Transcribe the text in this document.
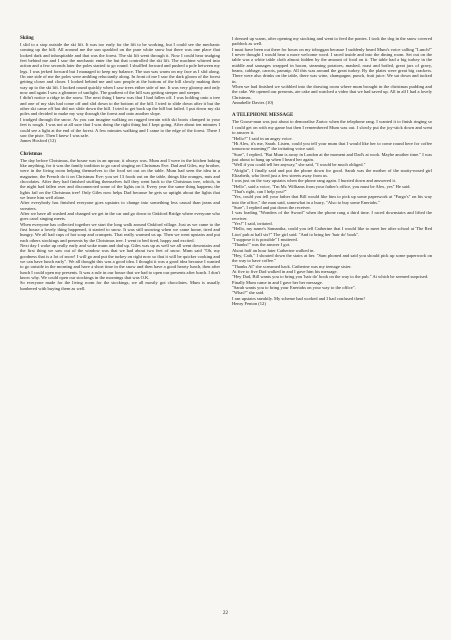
Skiing

I slid to a stop outside the ski lift. It was too early for the lift to be working, but I could see the mechanic coming up the hill. All around me the sun sparkled on the pure white snow but there was one place that looked dark and inhospitable and that was the forest. The ski lift went through it. Now I could hear trudging feet behind me and I saw the mechanic enter the hut that controlled the ski lift. The machine whirred into action and a few seconds later the poles started to go round. I shuffled forward and pushed a pole between my legs. I was jerked forward but I managed to keep my balance. The sun was warm on my face as I slid along. On one side of me the poles were ambling reluctantly along. In front of me I saw the dark gloom of the forest getting closer and closer. I looked behind me and saw people at the bottom of the hill slowly making their way up to the ski lift. I looked round quickly when I saw trees either side of me. It was very gloomy and only now and again I saw a glimmer of sunlight. The gradient of the hill was getting steeper and steeper.

I didn't notice a ridge in the snow. The next thing I knew was that I had fallen off. I was holding onto a tree and one of my skis had come off and slid down to the bottom of the hill. I tried to slide down after it but the other ski came off but did not slide down the hill. I tried to get back up the hill but failed. I put down my ski poles and decided to make my way through the forest and onto another slope.

I trudged through the snow. As you can imagine walking on rugged terrain with ski boots clamped to your feet is rough. I was not at all sure that I was doing the right thing but I kept going. After about ten minutes I could see a light at the end of the forest. A few minutes walking and I came to the edge of the forest. There I saw the piste. Then I knew I was safe.

James Hosford (12)

Christmas

The day before Christmas, the house was in an uproar, it always was. Mum and I were in the kitchen baking like anything, for it was the family tradition to go carol singing on Christmas Eve. Dad and Giles, my brother, were in the living room helping themselves to the food set out on the table. Mum had seen the idea in a magazine, the French do it on Christmas Eve: you set 13 foods out on the table, things like oranges, nuts and chocolates. After they had finished stuffing themselves full they went back to the Christmas tree, which, in the night had fallen over and disconnected some of the lights on it. Every year the same thing happens; the lights fail on the Christmas tree! Only Giles now helps Dad because he gets so uptight about the lights that we leave him well alone.

After everybody has finished everyone goes upstairs to change into something less casual than jeans and sweaters.

After we have all washed and changed we get in the car and go down to Oakford Bridge where everyone who goes carol singing meets.

When everyone has collected together we start the long walk around Oakford village. Just as we came to the first house a lovely thing happened, it started to snow. It was still snowing when we came home, tired and hungry. We all had cups of hot soup and crumpets. That really warmed us up. Then we went upstairs and put each others stockings and presents by the Christmas tree. I went to bed tired, happy and excited.

Next day I woke up really early and woke mum and dad up. Giles was up as well we all went downstairs and the first thing we saw out of the window was that we had about two feet of snow. Mum said "Oh, my goodness that is a lot of snow! I will go and put the turkey on right now so that it will be quicker cooking and we can have lunch early". We all thought this was a good idea. I thought it was a good idea because I wanted to go outside in the morning and have a short time in the snow and then have a good hearty lunch, then after lunch I could open my presents. It was a rule in our house that we had to open our presents after lunch. I don't know why. We could open our stockings in the mornings that was O.K.

So everyone made for the living room for the stockings, we all mostly got chocolates. Mum is usually lumbered with buying them as well.

I dressed up warm, after opening my stocking and went to feed the ponies. I took the dog in the snow covered paddock as well.

I must have been out there for hours on my toboggan because I suddenly heard Mum's voice calling "Lunch!" I never thought I would hear a more welcome word. I raced inside and into the dining room. Set out on the table was a white table cloth almost hidden by the amount of food on it. The table had a big turkey in the middle and sausages wrapped in bacon, steaming potatoes, mashed, roast and boiled, great jars of gravy, beans, cabbage, carrots, parsnip. All this was around the great turkey. By the plates were great big crackers. There were also drinks on the table, there was wine, champagne, punch, fruit juice. We sat down and tucked in.

When we had finished we wobbled into the drawing room where mum brought in the christmas pudding and the cake. We opened our presents, ate cake and watched a video that we had saved up. All in all I had a lovely Christmas.

Annabelle Davies (10)

A TELEPHONE MESSAGE

The Goose-man was just about to demoralise Zartoc when the telephone rang. I wanted it to finish ringing so I could get on with my game but then I remembered Mum was out. I slowly put the joy-stick down and went to answer it.

"Hello?" I said in an angry voice.

"Hi Alex, it's me, Sarah. Listen, could you tell your mum that I would like her to come round here for coffee tomorrow morning?" the irritating voice said.

"Sure", I replied, "But Mum is away in London at the moment and Dad's at work. Maybe another time." I was just about to hang up when I heard her again.

"Well if you could tell her anyway," she said, "I would be much obliged."

"Alright", I finally said and put the phone down for good. Sarah was the mother of the snotty-nosed girl Elizabeth, who lived just a few streets away from us.

I was just on the way upstairs when the phone rang again. I hurried down and answered it.

"Hello", said a voice, "I'm Mr. Williams from your father's office, you must be Alex, yes" He said.

"That's right, can I help you?"

"Yes, could you tell your father that Bill would like him to pick up some paperwork at "Fargo's" on his way into the office," the man said, somewhat in a hurry, "Also to buy some Enertabs."

"Sure", I replied and put down the receiver.

I was loading "Wonders of the Sword" when the phone rang a third time. I raced downstairs and lifted the receiver.

"Yes!" I said, irritated.

"Hello, my name's Samantha, could you tell Catherine that I would like to meet her after school at 'The Red Lion' pub at half six?" The girl said. "And to bring her 'hair do' book".

"I suppose it is possible" I muttered.

"Thanks!" was the answer I got.

About half an hour later Catherine walked in.

"Hey, Cath," I shouted down the stairs at her. "Sam phoned and said you should pick up some paperwork on the way to have coffee."

"Thanks Al" she screamed back. Catherine was my teenage sister.

At five to five Dad walked in and I gave him his message.

"Hey Dad, Bill wants you to bring you 'hair do' book on the way to the pub." At which he seemed surprised.

Finally Mum came in and I gave her her message.

"Sarah wants you to bring your Enertabs on your way to the office".

"What?" she said.

I ran upstairs sneakily. My scheme had worked and I had confused them!

Henry Fenton (12)

22
